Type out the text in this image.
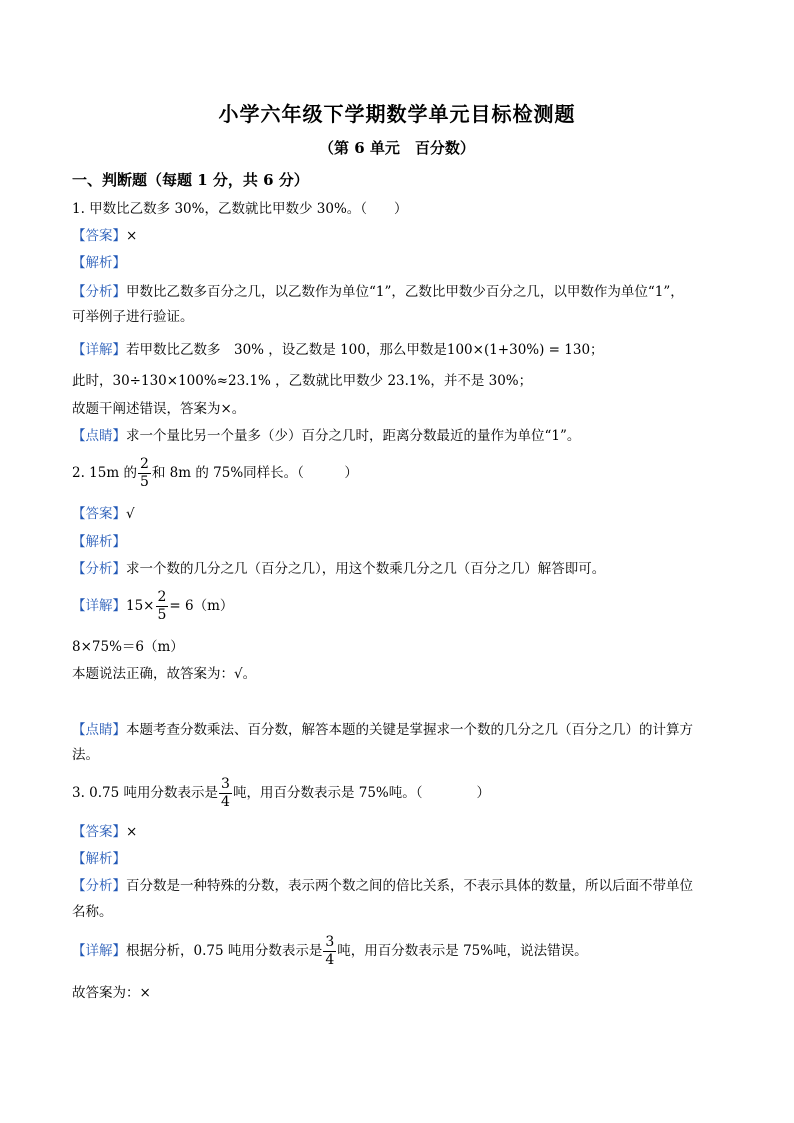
小学六年级下学期数学单元目标检测题
（第 6 单元　百分数）
一、判断题（每题 1 分，共 6 分）
1. 甲数比乙数多 30%，乙数就比甲数少 30%。（　　）
【答案】×
【解析】
【分析】甲数比乙数多百分之几，以乙数作为单位“1”，乙数比甲数少百分之几，以甲数作为单位“1”，
可举例子进行验证。
【详解】若甲数比乙数多　30% ，设乙数是 100，那么甲数是100×(1+30%) = 130；
此时，30÷130×100%≈23.1% ，乙数就比甲数少 23.1%，并不是 30%；
故题干阐述错误，答案为×。
【点睛】求一个量比另一个量多（少）百分之几时，距离分数最近的量作为单位“1”。
2. 15m 的 $\frac{2}{5}$ 和 8m 的 75%同样长。（　　　）
【答案】√
【解析】
【分析】求一个数的几分之几（百分之几），用这个数乘几分之几（百分之几）解答即可。
【详解】$15\times \frac{2}{5} = 6(m)$
8×75%＝6（m）
本题说法正确，故答案为：√。
【点睛】本题考查分数乘法、百分数，解答本题的关键是掌握求一个数的几分之几（百分之几）的计算方
法。
3. 0.75 吨用分数表示是 $\frac{3}{4}$ 吨，用百分数表示是 75%吨。（　　　　）
【答案】×
【解析】
【分析】百分数是一种特殊的分数，表示两个数之间的倍比关系，不表示具体的数量，所以后面不带单位
名称。
【详解】根据分析，0.75 吨用分数表示是 $\frac{3}{4}$ 吨，用百分数表示是 75%吨，说法错误。
故答案为：×
